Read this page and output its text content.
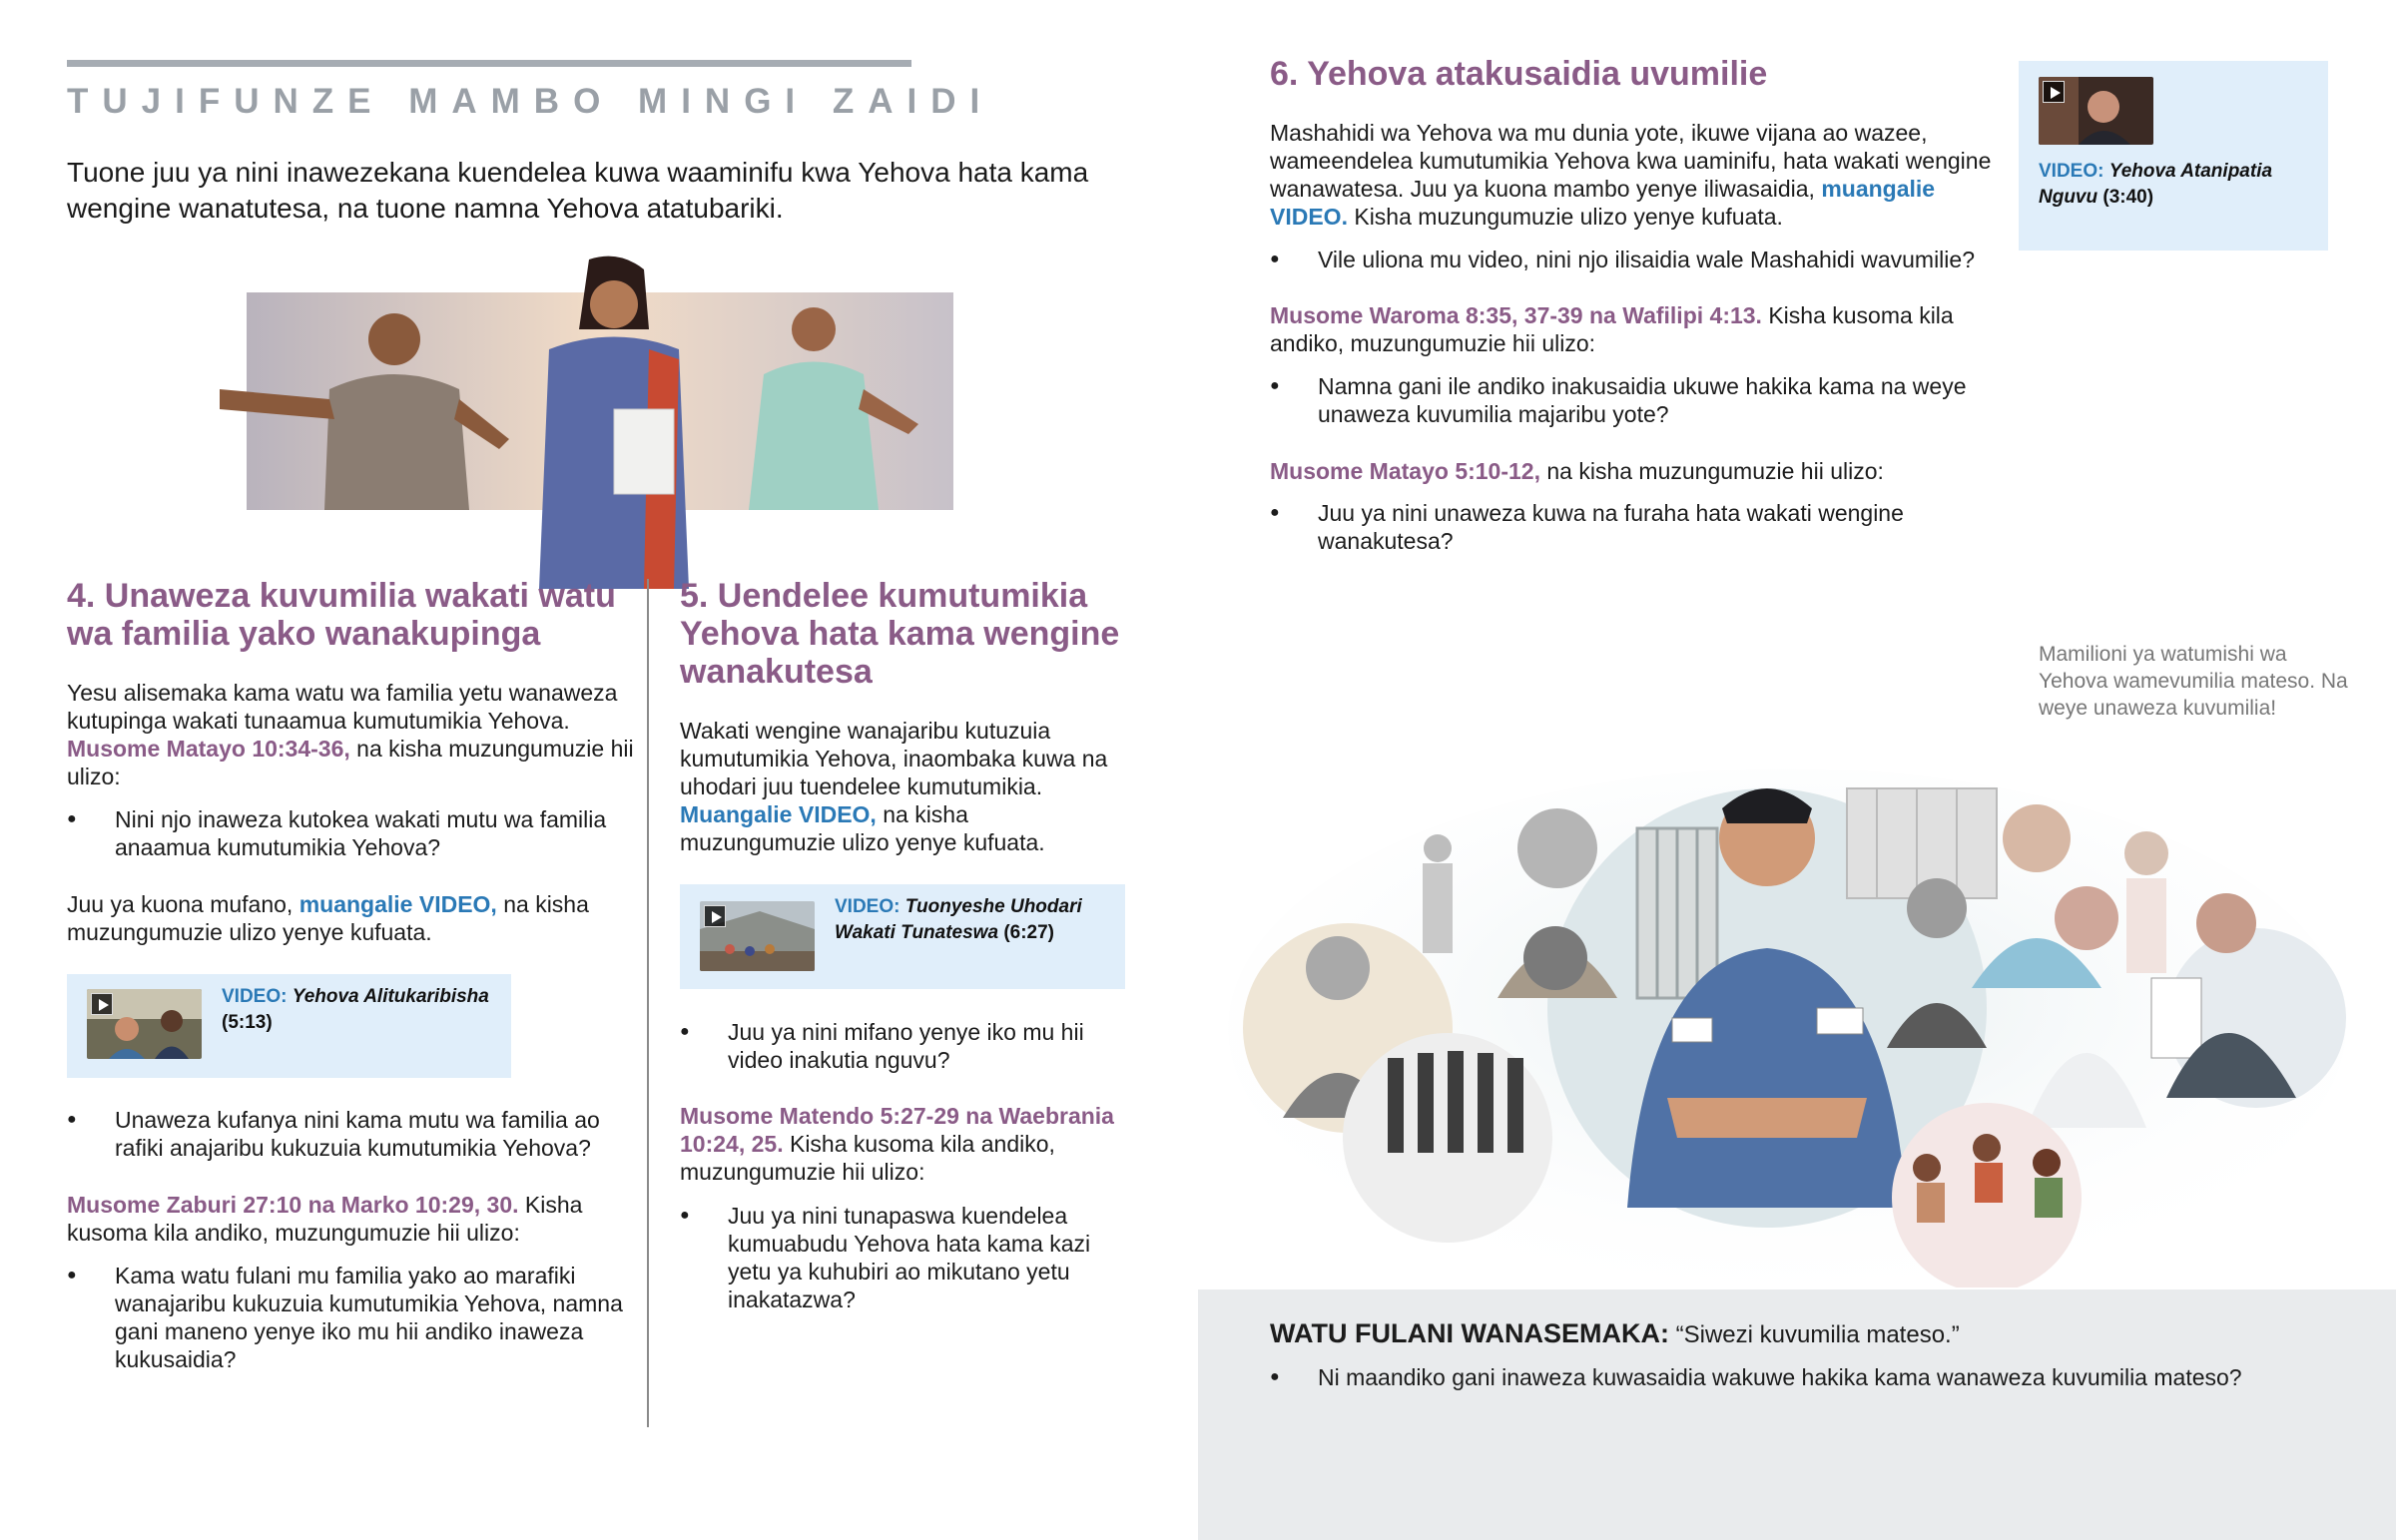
TUJIFUNZE MAMBO MINGI ZAIDI

Tuone juu ya nini inawezekana kuendelea kuwa waaminifu kwa Yehova hata kama wengine wanatutesa, na tuone namna Yehova atatubariki.

4. Unaweza kuvumilia wakati watu wa familia yako wanakupinga

Yesu alisemaka kama watu wa familia yetu wanaweza kutupinga wakati tunaamua kumutumikia Yehova. Musome Matayo 10:34-36, na kisha muzungumuzie hii ulizo:

● Nini njo inaweza kutokea wakati mutu wa familia anaamua kumutumikia Yehova?

Juu ya kuona mufano, muangalie VIDEO, na kisha muzungumuzie ulizo yenye kufuata.

VIDEO: Yehova Alitukaribisha (5:13)
● Unaweza kufanya nini kama mutu wa familia ao rafiki anajaribu kukuzuia kumutumikia Yehova?

Musome Zaburi 27:10 na Marko 10:29, 30. Kisha kusoma kila andiko, muzungumuzie hii ulizo:

● Kama watu fulani mu familia yako ao marafiki wanajaribu kukuzuia kumutumikia Yehova, namna gani maneno yenye iko mu hii andiko inaweza kukusaidia?
5. Uendelee kumutumikia Yehova hata kama wengine wanakutesa

Wakati wengine wanajaribu kutuzuia kumutumikia Yehova, inaombaka kuwa na uhodari juu tuendelee kumutumikia. Muangalie VIDEO, na kisha muzungumuzie ulizo yenye kufuata.

VIDEO: Tuonyeshe Uhodari Wakati Tunateswa (6:27)
● Juu ya nini mifano yenye iko mu hii video inakutia nguvu?

Musome Matendo 5:27-29 na Waebrania 10:24, 25. Kisha kusoma kila andiko, muzungumuzie hii ulizo:

● Juu ya nini tunapaswa kuendelea kumuabudu Yehova hata kama kazi yetu ya kuhubiri ao mikutano yetu inakatazwa?
6. Yehova atakusaidia uvumilie

Mashahidi wa Yehova wa mu dunia yote, ikuwe vijana ao wazee, wameendelea kumutumikia Yehova kwa uaminifu, hata wakati wengine wanawatesa. Juu ya kuona mambo yenye iliwasaidia, muangalie VIDEO. Kisha muzungumuzie ulizo yenye kufuata.

VIDEO: Yehova Atanipatia Nguvu (3:40)
● Vile uliona mu video, nini njo ilisaidia wale Mashahidi wavumilie?

Musome Waroma 8:35, 37-39 na Wafilipi 4:13. Kisha kusoma kila andiko, muzungumuzie hii ulizo:

● Namna gani ile andiko inakusaidia ukuwe hakika kama na weye unaweza kuvumilia majaribu yote?

Musome Matayo 5:10-12, na kisha muzungumuzie hii ulizo:

● Juu ya nini unaweza kuwa na furaha hata wakati wengine wanakutesa?

Mamilioni ya watumishi wa Yehova wamevumilia mateso. Na weye unaweza kuvumilia!

WATU FULANI WANASEMAKA: “Siwezi kuvumilia mateso.”

● Ni maandiko gani inaweza kuwasaidia wakuwe hakika kama wanaweza kuvumilia mateso?
